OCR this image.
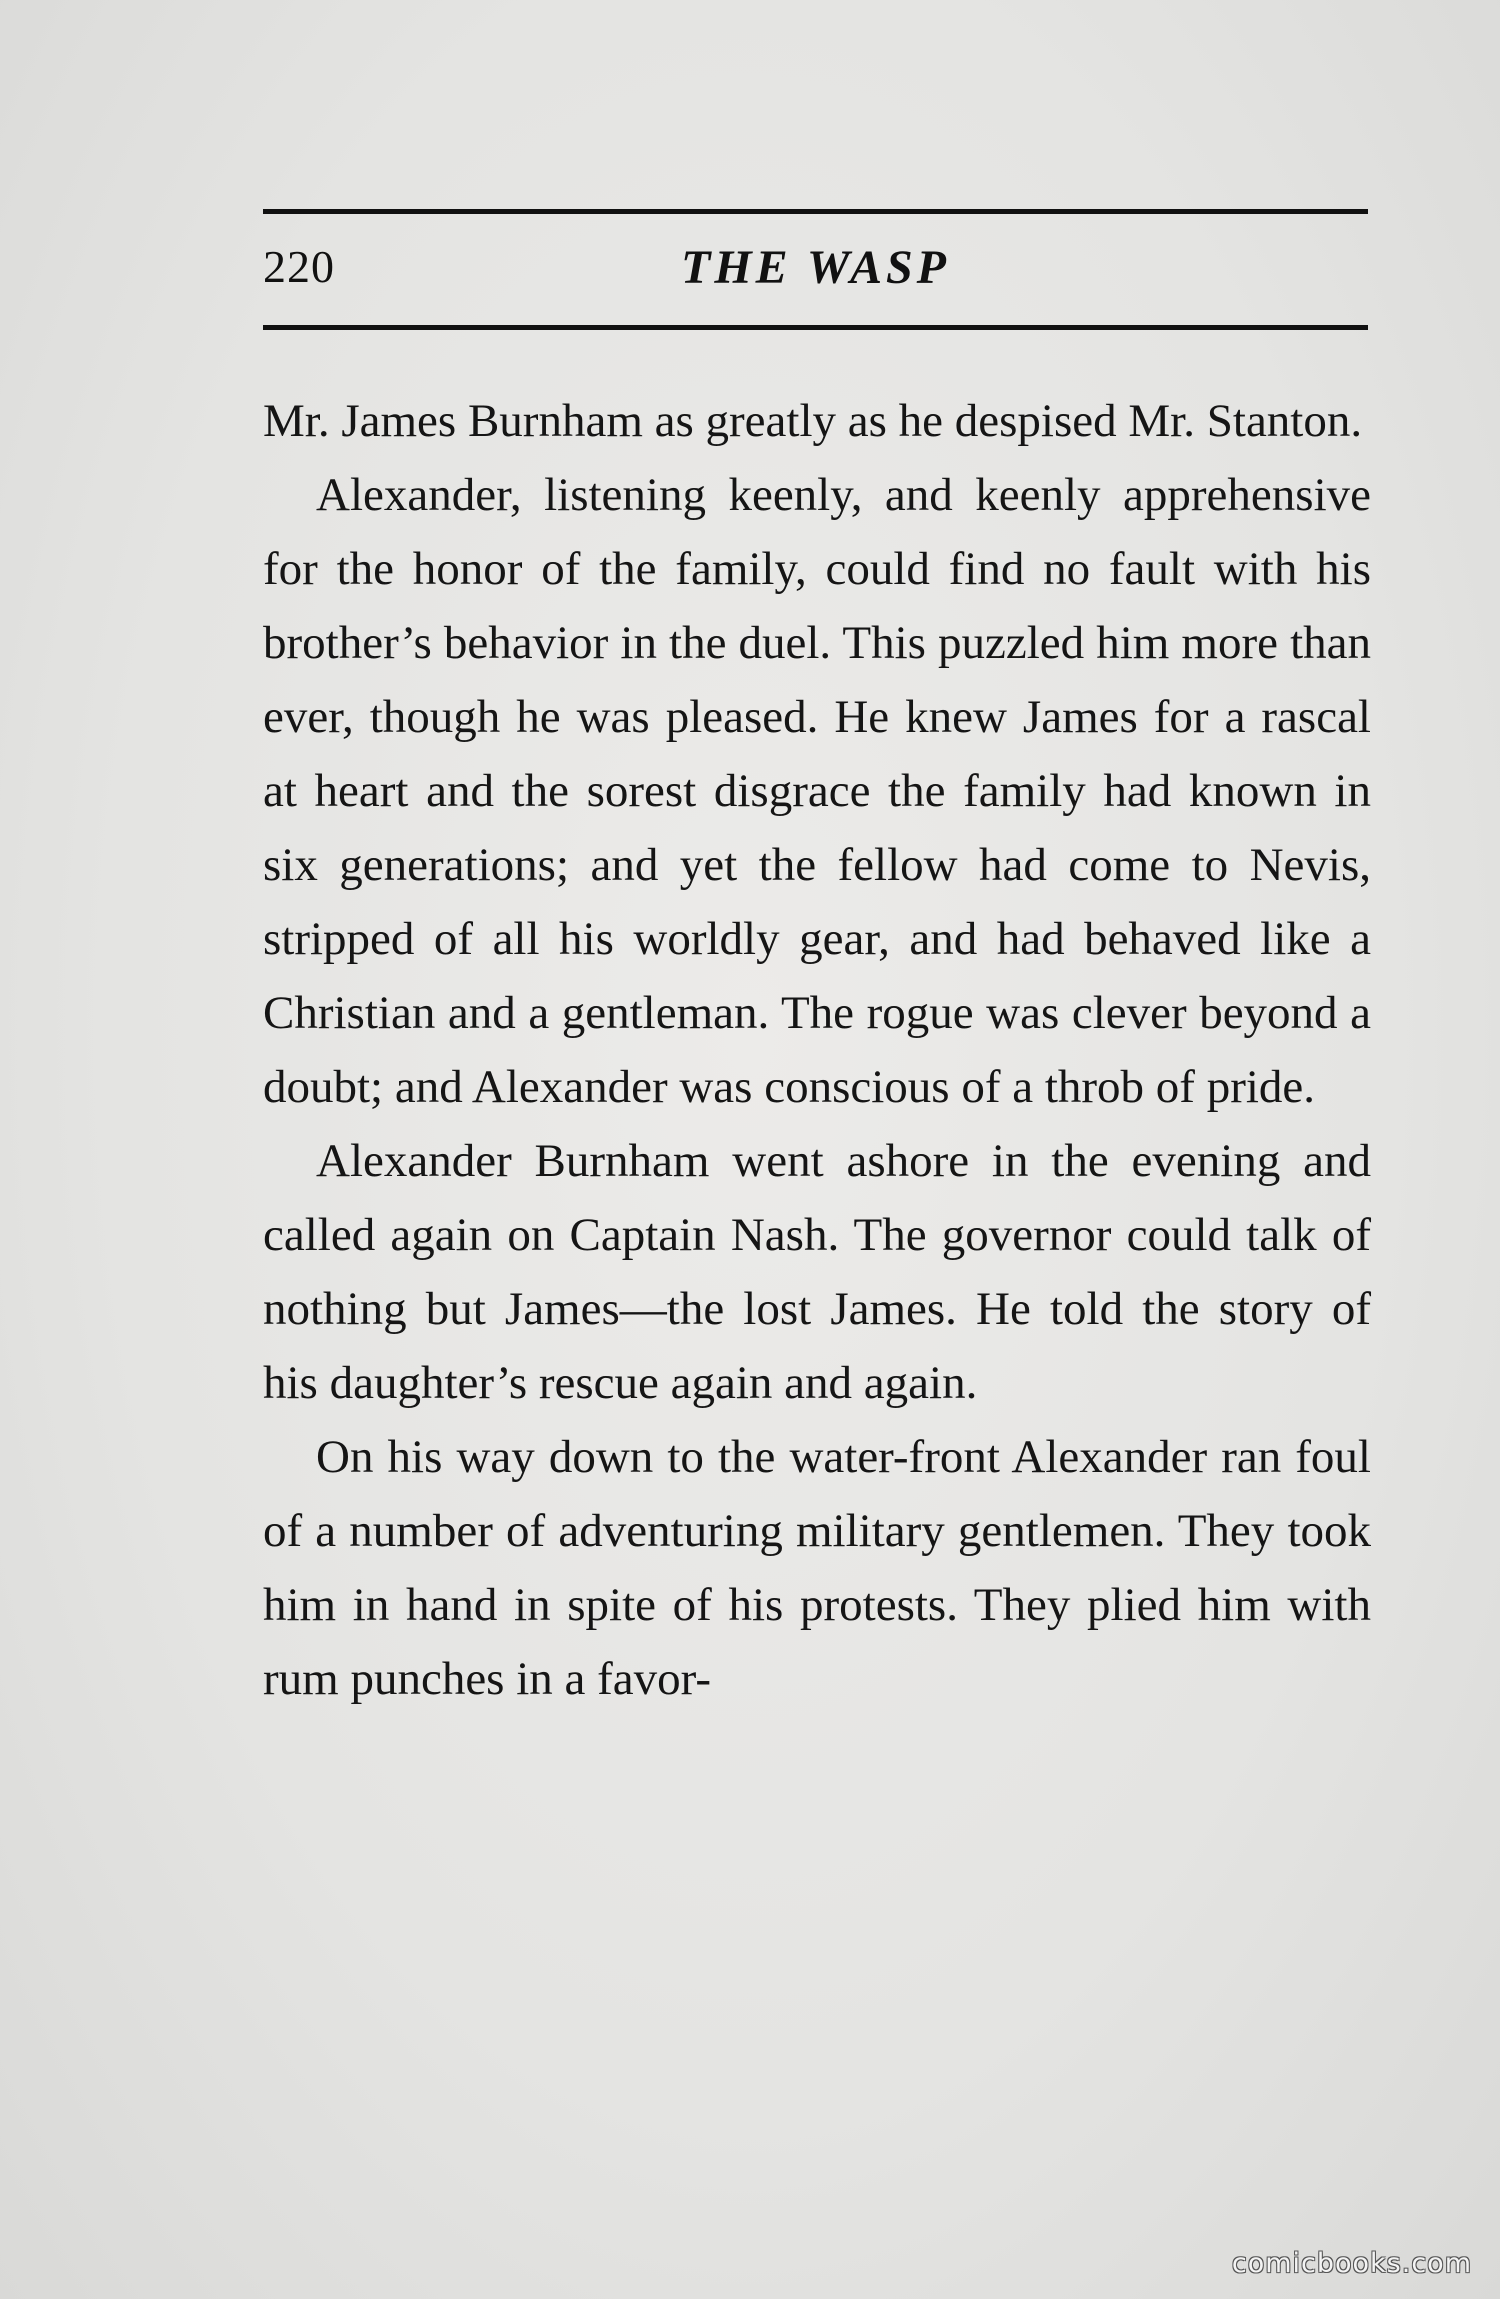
220	THE WASP

Mr. James Burnham as greatly as he despised Mr. Stanton.

Alexander, listening keenly, and keenly apprehensive for the honor of the family, could find no fault with his brother’s behavior in the duel. This puzzled him more than ever, though he was pleased. He knew James for a rascal at heart and the sorest disgrace the family had known in six generations; and yet the fellow had come to Nevis, stripped of all his worldly gear, and had behaved like a Christian and a gentleman. The rogue was clever beyond a doubt; and Alexander was conscious of a throb of pride.

Alexander Burnham went ashore in the evening and called again on Captain Nash. The governor could talk of nothing but James—the lost James. He told the story of his daughter’s rescue again and again.

On his way down to the water-front Alexander ran foul of a number of adventuring military gentlemen. They took him in hand in spite of his protests. They plied him with rum punches in a favor-

comicbooks.com
